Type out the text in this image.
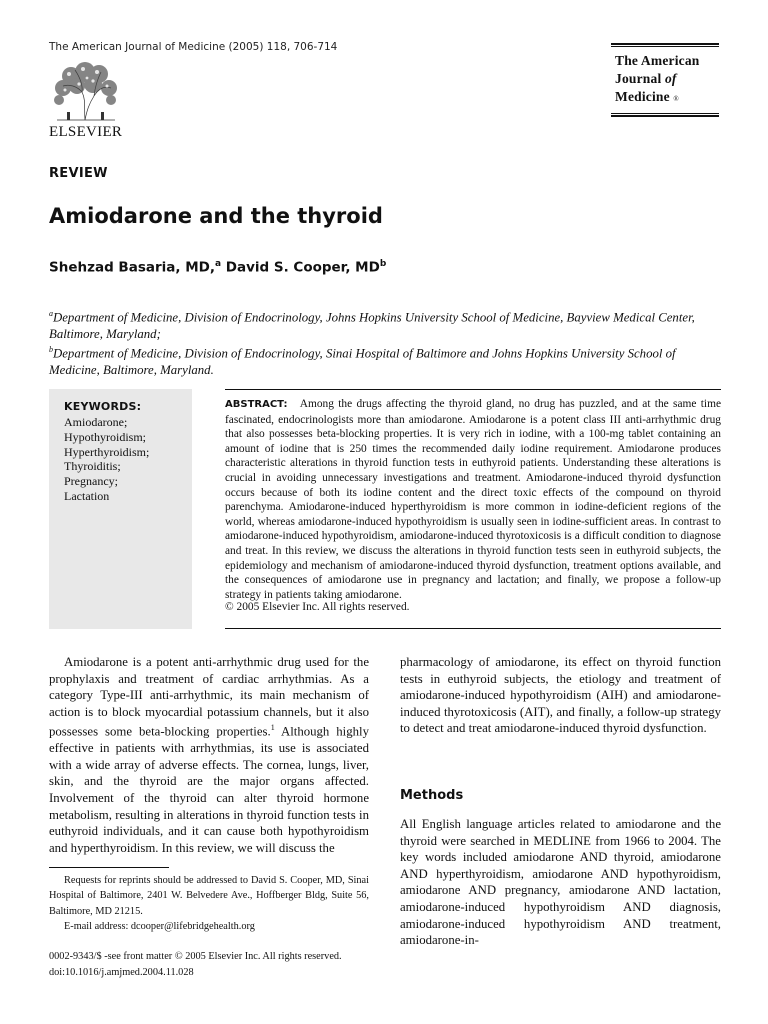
The American Journal of Medicine (2005) 118, 706-714
ELSEVIER
The American
Journal of
Medicine ®
REVIEW
Amiodarone and the thyroid
Shehzad Basaria, MD,$^a$ David S. Cooper, $MD^b$
$^a$Department of Medicine, Division of Endocrinology, Johns Hopkins University School of Medicine, Bayview Medical Center, Baltimore, Maryland;
$^b$Department of Medicine, Division of Endocrinology, Sinai Hospital of Baltimore and Johns Hopkins University School of Medicine, Baltimore, Maryland.
KEYWORDS:
Amiodarone;
Hypothyroidism;
Hyperthyroidism;
Thyroiditis;
Pregnancy;
Lactation
ABSTRACT: Among the drugs affecting the thyroid gland, no drug has puzzled, and at the same time fascinated, endocrinologists more than amiodarone. Amiodarone is a potent class III anti-arrhythmic drug that also possesses beta-blocking properties. It is very rich in iodine, with a 100-mg tablet containing an amount of iodine that is 250 times the recommended daily iodine requirement. Amiodarone produces characteristic alterations in thyroid function tests in euthyroid patients. Understanding these alterations is crucial in avoiding unnecessary investigations and treatment. Amiodarone-induced thyroid dysfunction occurs because of both its iodine content and the direct toxic effects of the compound on thyroid parenchyma. Amiodarone-induced hyperthyroidism is more common in iodine-deficient regions of the world, whereas amiodarone-induced hypothyroidism is usually seen in iodine-sufficient areas. In contrast to amiodarone-induced hypothyroidism, amiodarone-induced thyrotoxicosis is a difficult condition to diagnose and treat. In this review, we discuss the alterations in thyroid function tests seen in euthyroid subjects, the epidemiology and mechanism of amiodarone-induced thyroid dysfunction, treatment options available, and the consequences of amiodarone use in pregnancy and lactation; and finally, we propose a follow-up strategy in patients taking amiodarone.
© 2005 Elsevier Inc. All rights reserved.
Amiodarone is a potent anti-arrhythmic drug used for the prophylaxis and treatment of cardiac arrhythmias. As a category Type-III anti-arrhythmic, its main mechanism of action is to block myocardial potassium channels, but it also possesses some beta-blocking properties.$^1$ Although highly effective in patients with arrhythmias, its use is associated with a wide array of adverse effects. The cornea, lungs, liver, skin, and the thyroid are the major organs affected. Involvement of the thyroid can alter thyroid hormone metabolism, resulting in alterations in thyroid function tests in euthyroid individuals, and it can cause both hypothyroidism and hyperthyroidism. In this review, we will discuss the
Requests for reprints should be addressed to David S. Cooper, MD, Sinai Hospital of Baltimore, 2401 W. Belvedere Ave., Hoffberger Bldg, Suite 56, Baltimore, MD 21215.
E-mail address: dcooper@lifebridgehealth.org
0002-9343/$ -see front matter © 2005 Elsevier Inc. All rights reserved.
doi:10.1016/j.amjmed.2004.11.028
pharmacology of amiodarone, its effect on thyroid function tests in euthyroid subjects, the etiology and treatment of amiodarone-induced hypothyroidism (AIH) and amiodarone-induced thyrotoxicosis (AIT), and finally, a follow-up strategy to detect and treat amiodarone-induced thyroid dysfunction.
Methods
All English language articles related to amiodarone and the thyroid were searched in MEDLINE from 1966 to 2004. The key words included amiodarone AND thyroid, amiodarone AND hyperthyroidism, amiodarone AND hypothyroidism, amiodarone AND pregnancy, amiodarone AND lactation, amiodarone-induced hypothyroidism AND diagnosis, amiodarone-induced hypothyroidism AND treatment, amiodarone-in-
